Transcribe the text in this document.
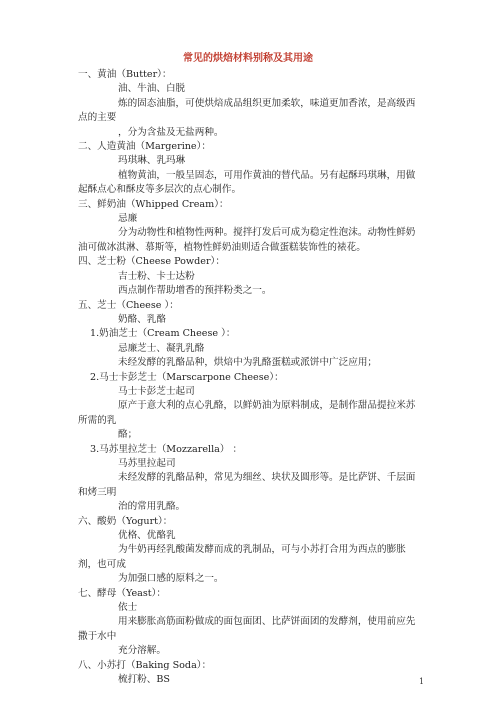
常见的烘焙材料别称及其用途
一、黄油（Butter）：
油、牛油、白脱
炼的固态油脂，可使烘焙成品组织更加柔软，味道更加香浓，是高级西
点的主要
，分为含盐及无盐两种。
二、人造黄油（Margerine）：
玛琪琳、乳玛琳
植物黄油，一般呈固态，可用作黄油的替代品。另有起酥玛琪琳，用做
起酥点心和酥皮等多层次的点心制作。
三、鲜奶油（Whipped Cream）：
忌廉
分为动物性和植物性两种。搅拌打发后可成为稳定性泡沫。动物性鲜奶
油可做冰淇淋、慕斯等，植物性鲜奶油则适合做蛋糕装饰性的裱花。
四、芝士粉（Cheese Powder）：
吉士粉、卡士达粉
西点制作帮助增香的预拌粉类之一。
五、芝士（Cheese ）：
奶酪、乳酪
1.奶油芝士（Cream Cheese ）：
忌廉芝士、凝乳乳酪
未经发酵的乳酪品种，烘焙中为乳酪蛋糕或派饼中广泛应用；
2.马士卡彭芝士（Marscarpone Cheese）：
马士卡彭芝士起司
原产于意大利的点心乳酪，以鲜奶油为原料制成，是制作甜品提拉米苏
所需的乳
酪；
3.马苏里拉芝士（Mozzarella） ：
马苏里拉起司
未经发酵的乳酪品种，常见为细丝、块状及圆形等。是比萨饼、千层面
和烤三明
治的常用乳酪。
六、酸奶（Yogurt）：
优格、优酪乳
为牛奶再经乳酸菌发酵而成的乳制品，可与小苏打合用为西点的膨胀
剂，也可成
为加强口感的原料之一。
七、酵母（Yeast）：
依士
用来膨胀高筋面粉做成的面包面团、比萨饼面团的发酵剂，使用前应先
撒于水中
充分溶解。
八、小苏打（Baking Soda）：
梳打粉、BS	1
